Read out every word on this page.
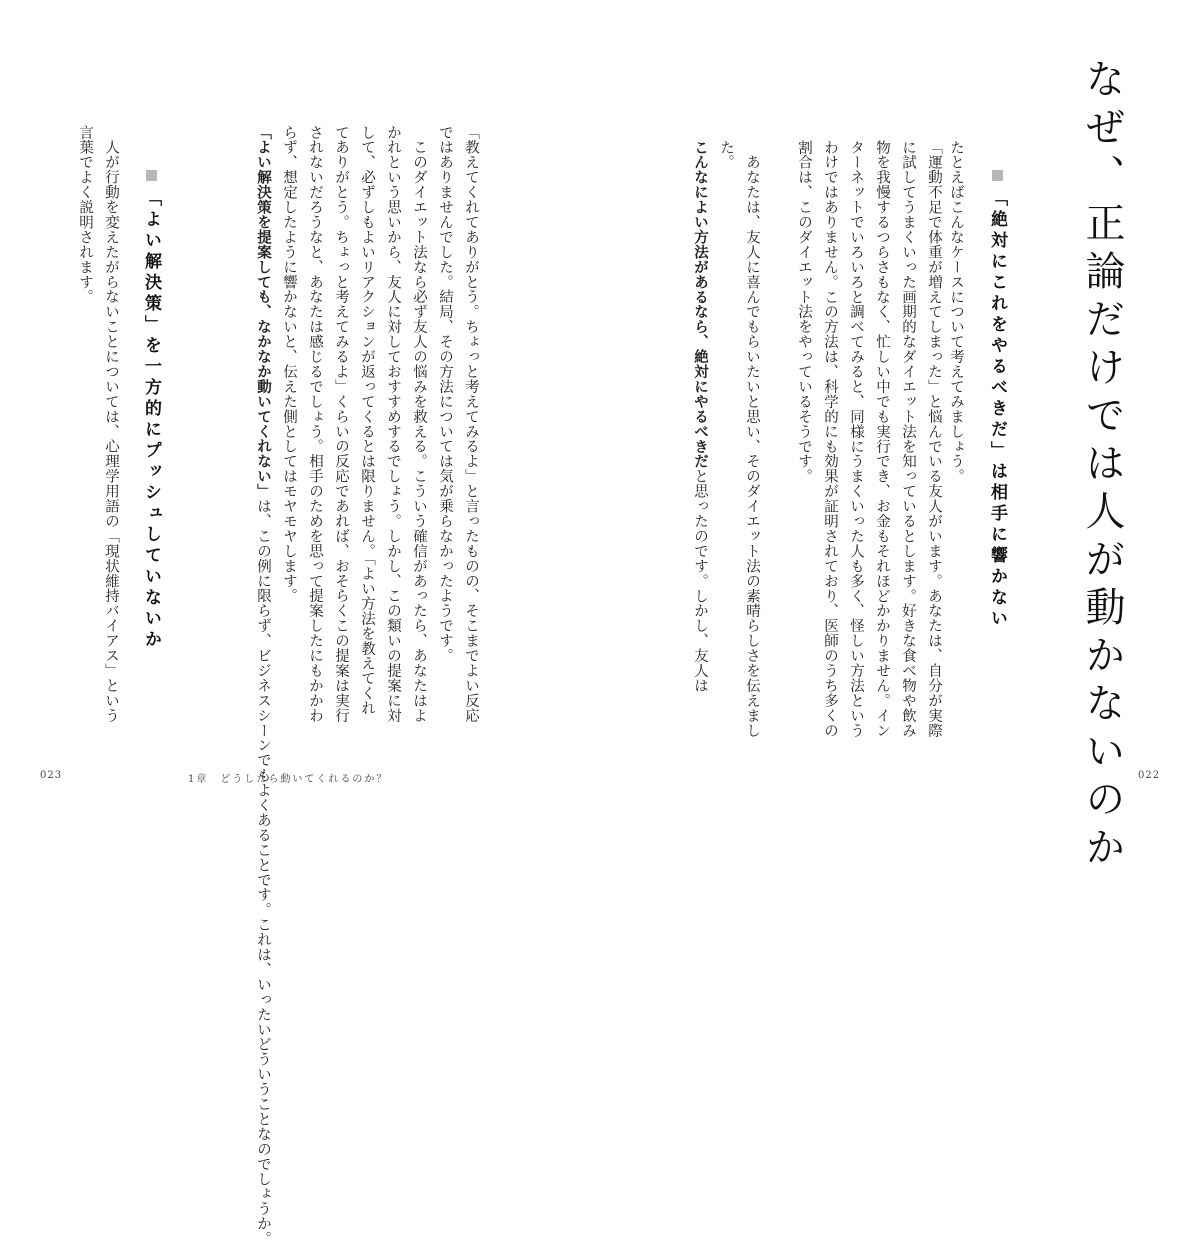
なぜ、正論だけでは人が動かないのか
「絶対にこれをやるべきだ」は相手に響かない
たとえばこんなケースについて考えてみましょう。
「運動不足で体重が増えてしまった」と悩んでいる友人がいます。あなたは、自分が実際
に試してうまくいった画期的なダイエット法を知っているとします。好きな食べ物や飲み
物を我慢するつらさもなく、忙しい中でも実行でき、お金もそれほどかかりません。イン
ターネットでいろいろと調べてみると、同様にうまくいった人も多く、怪しい方法という
わけではありません。この方法は、科学的にも効果が証明されており、医師のうち多くの
割合は、このダイエット法をやっているそうです。
　あなたは、友人に喜んでもらいたいと思い、そのダイエット法の素晴らしさを伝えまし
た。
こんなによい方法があるなら、絶対にやるべきだと思ったのです。しかし、友人は
「教えてくれてありがとう。ちょっと考えてみるよ」と言ったものの、そこまでよい反応
ではありませんでした。結局、その方法については気が乗らなかったようです。
　このダイエット法なら必ず友人の悩みを救える。こういう確信があったら、あなたはよ
かれという思いから、友人に対しておすすめするでしょう。しかし、この類いの提案に対
して、必ずしもよいリアクションが返ってくるとは限りません。「よい方法を教えてくれ
てありがとう。ちょっと考えてみるよ」くらいの反応であれば、おそらくこの提案は実行
されないだろうなと、あなたは感じるでしょう。相手のためを思って提案したにもかかわ
らず、想定したように響かないと、伝えた側としてはモヤモヤします。
「よい解決策を提案しても、なかなか動いてくれない」は、この例に限らず、ビジネスシーンでもよくあることです。これは、いったいどういうことなのでしょうか。
「よい解決策」を一方的にプッシュしていないか
　人が行動を変えたがらないことについては、心理学用語の「現状維持バイアス」という
言葉でよく説明されます。
1章　どうしたら動いてくれるのか？
023	022
